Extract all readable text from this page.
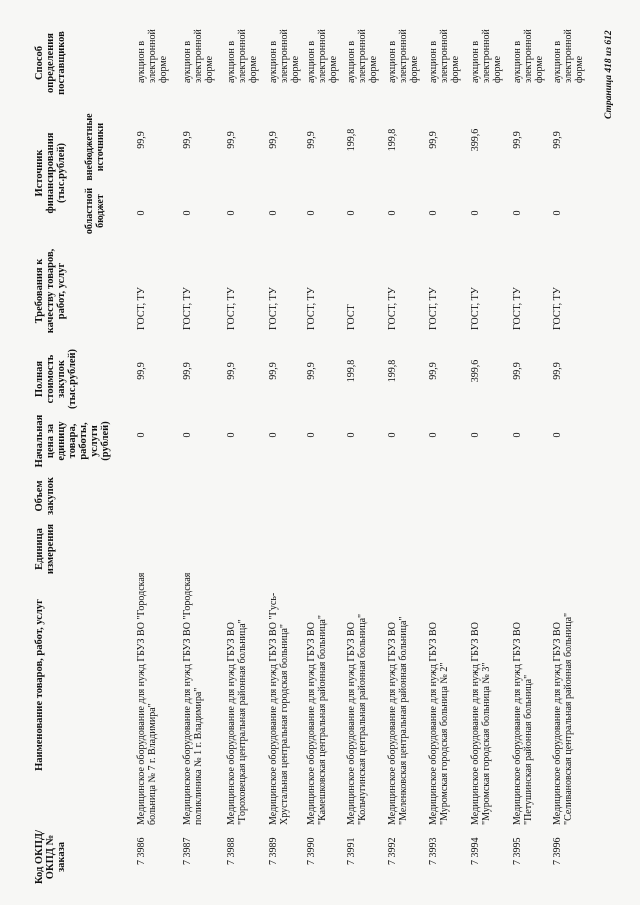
Код ОКПД/ ОКПД № заказа
Наименование товаров, работ, услуг
Единица измерения
Объем закупок
Начальная цена за единицу товара, работы, услуги (рублей)
Полная стоимость закупок (тыс.рублей)
Требования к качеству товаров, работ, услуг
Источник финансирования (тыс.рублей)
областной бюджет
внебюджетные источники
Способ определения поставщиков
7 3986
Медицинское оборудование для нужд ГБУЗ ВО "Городская больница № 7 г. Владимира"
0
99,9
ГОСТ, ТУ
0
99,9
аукцион в электронной форме
7 3987
Медицинское оборудование для нужд ГБУЗ ВО "Городская поликлиника № 1 г. Владимира"
0
99,9
ГОСТ, ТУ
0
99,9
аукцион в электронной форме
7 3988
Медицинское оборудование для нужд ГБУЗ ВО "Гороховецкая центральная районная больница"
0
99,9
ГОСТ, ТУ
0
99,9
аукцион в электронной форме
7 3989
Медицинское оборудование для нужд ГБУЗ ВО "Гусь-Хрустальная центральная городская больница"
0
99,9
ГОСТ, ТУ
0
99,9
аукцион в электронной форме
7 3990
Медицинское оборудование для нужд ГБУЗ ВО "Камешковская центральная районная больница"
0
99,9
ГОСТ, ТУ
0
99,9
аукцион в электронной форме
7 3991
Медицинское оборудование для нужд ГБУЗ ВО "Кольчугинская центральная районная больница"
0
199,8
ГОСТ
0
199,8
аукцион в электронной форме
7 3992
Медицинское оборудование для нужд ГБУЗ ВО "Меленковская центральная районная больница"
0
199,8
ГОСТ, ТУ
0
199,8
аукцион в электронной форме
7 3993
Медицинское оборудование для нужд ГБУЗ ВО "Муромская городская больница № 2"
0
99,9
ГОСТ, ТУ
0
99,9
аукцион в электронной форме
7 3994
Медицинское оборудование для нужд ГБУЗ ВО "Муромская городская больница № 3"
0
399,6
ГОСТ, ТУ
0
399,6
аукцион в электронной форме
7 3995
Медицинское оборудование для нужд ГБУЗ ВО "Петушинская районная больница"
0
99,9
ГОСТ, ТУ
0
99,9
аукцион в электронной форме
7 3996
Медицинское оборудование для нужд ГБУЗ ВО "Селивановская центральная районная больница"
0
99,9
ГОСТ, ТУ
0
99,9
аукцион в электронной форме Страница 418 из 612
